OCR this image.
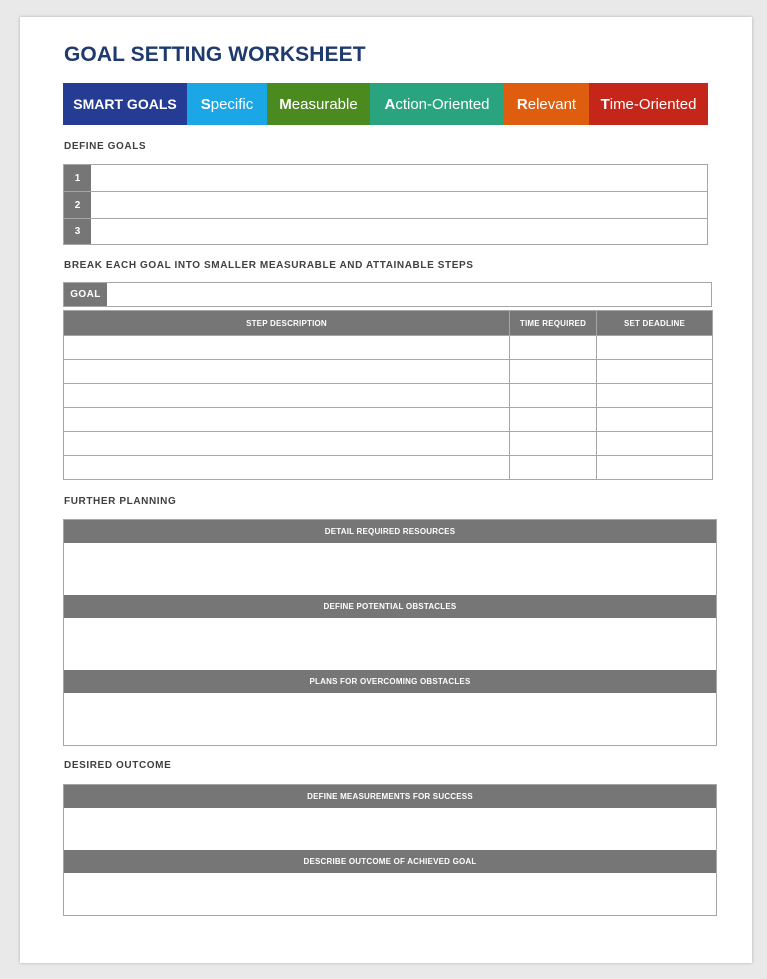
GOAL SETTING WORKSHEET
SMART GOALS	S pecific M easurable A ction-Oriented R elevant T ime-Oriented
DEFINE GOALS
1
2
3
BREAK EACH GOAL INTO SMALLER MEASURABLE AND ATTAINABLE STEPS
GOAL
STEP DESCRIPTION	TIME REQUIRED	SET DEADLINE

FURTHER PLANNING
DETAIL REQUIRED RESOURCES
DEFINE POTENTIAL OBSTACLES
PLANS FOR OVERCOMING OBSTACLES
DESIRED OUTCOME
DEFINE MEASUREMENTS FOR SUCCESS
DESCRIBE OUTCOME OF ACHIEVED GOAL
